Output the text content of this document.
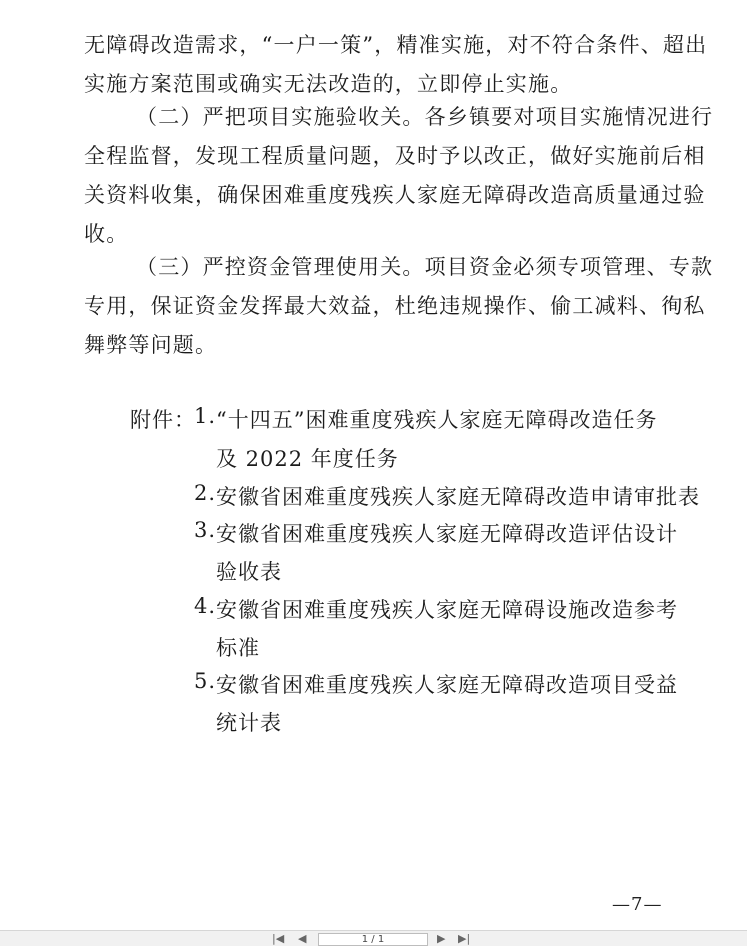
无障碍改造需求，“一户一策”，精准实施，对不符合条件、超出
实施方案范围或确实无法改造的，立即停止实施。
（二）严把项目实施验收关。各乡镇要对项目实施情况进行
全程监督，发现工程质量问题，及时予以改正，做好实施前后相
关资料收集，确保困难重度残疾人家庭无障碍改造高质量通过验
收。
（三）严控资金管理使用关。项目资金必须专项管理、专款
专用，保证资金发挥最大效益，杜绝违规操作、偷工减料、徇私
舞弊等问题。
附件：
1. “十四五”困难重度残疾人家庭无障碍改造任务
及 2022 年度任务
2. 安徽省困难重度残疾人家庭无障碍改造申请审批表
3. 安徽省困难重度残疾人家庭无障碍改造评估设计
验收表
4. 安徽省困难重度残疾人家庭无障碍设施改造参考
标准
5. 安徽省困难重度残疾人家庭无障碍改造项目受益
统计表
—7—
|◀ ◀	1 / 1	▶ ▶|
